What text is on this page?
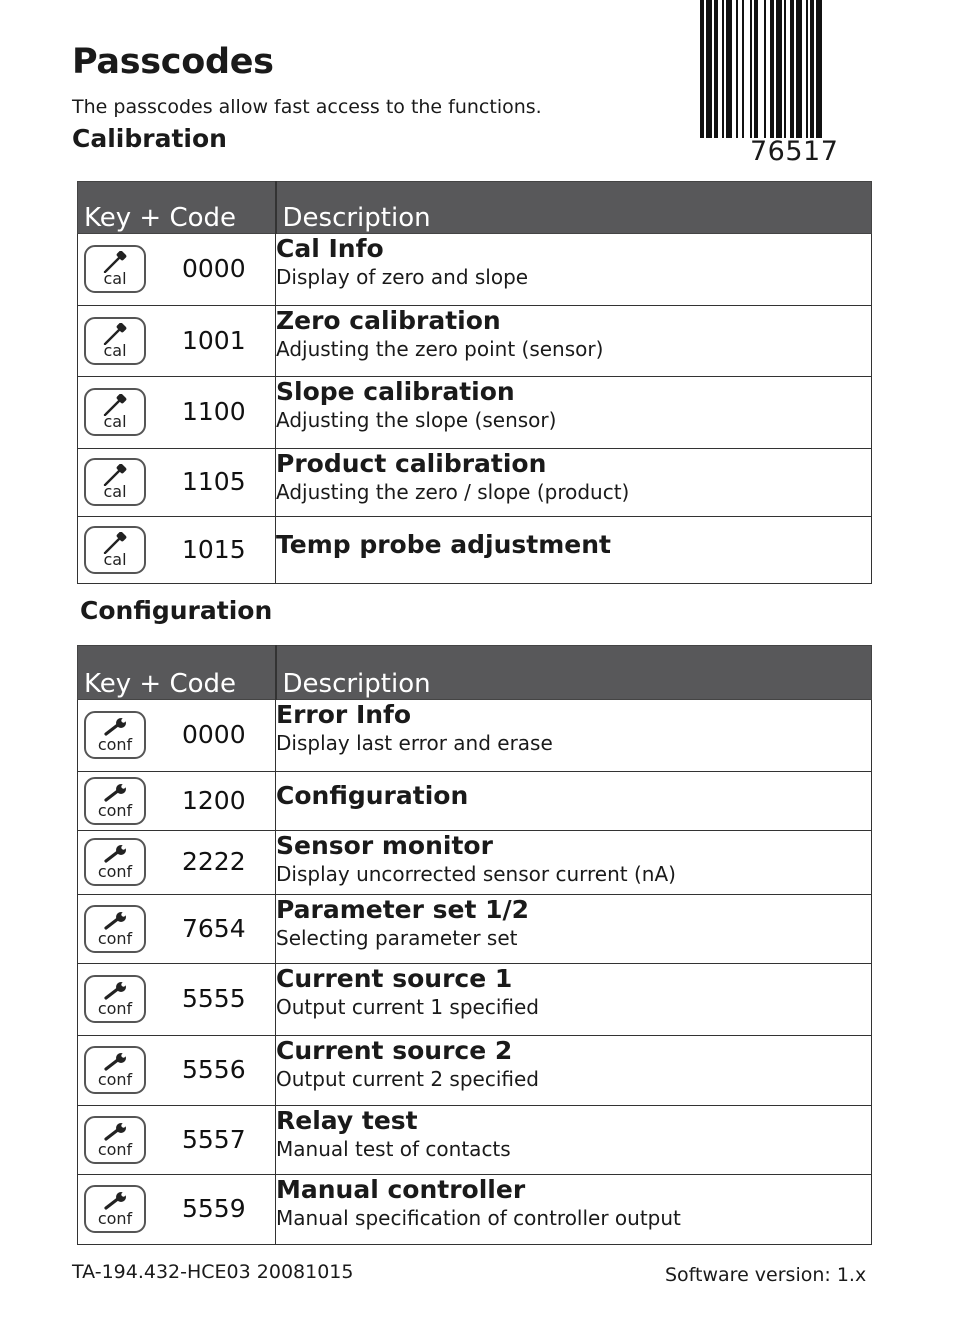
Passcodes
The passcodes allow fast access to the functions.
Calibration	76517
Key + Code	Description

cal 0000	Cal Info
Display of zero and slope

cal 1001	Zero calibration
Adjusting the zero point (sensor)

cal 1100	Slope calibration
Adjusting the slope (sensor)

cal 1105	Product calibration
Adjusting the zero / slope (product)

cal 1015	Temp probe adjustment
Configuration
Key + Code	Description

conf 0000	Error Info
Display last error and erase

conf 1200	Configuration

conf 2222	Sensor monitor
Display uncorrected sensor current (nA)

conf 7654	Parameter set 1/2
Selecting parameter set

conf 5555	Current source 1
Output current 1 specified

conf 5556	Current source 2
Output current 2 specified

conf 5557	Relay test
Manual test of contacts

conf 5559	Manual controller
Manual specification of controller output
TA-194.432-HCE03 20081015	Software version: 1.x
